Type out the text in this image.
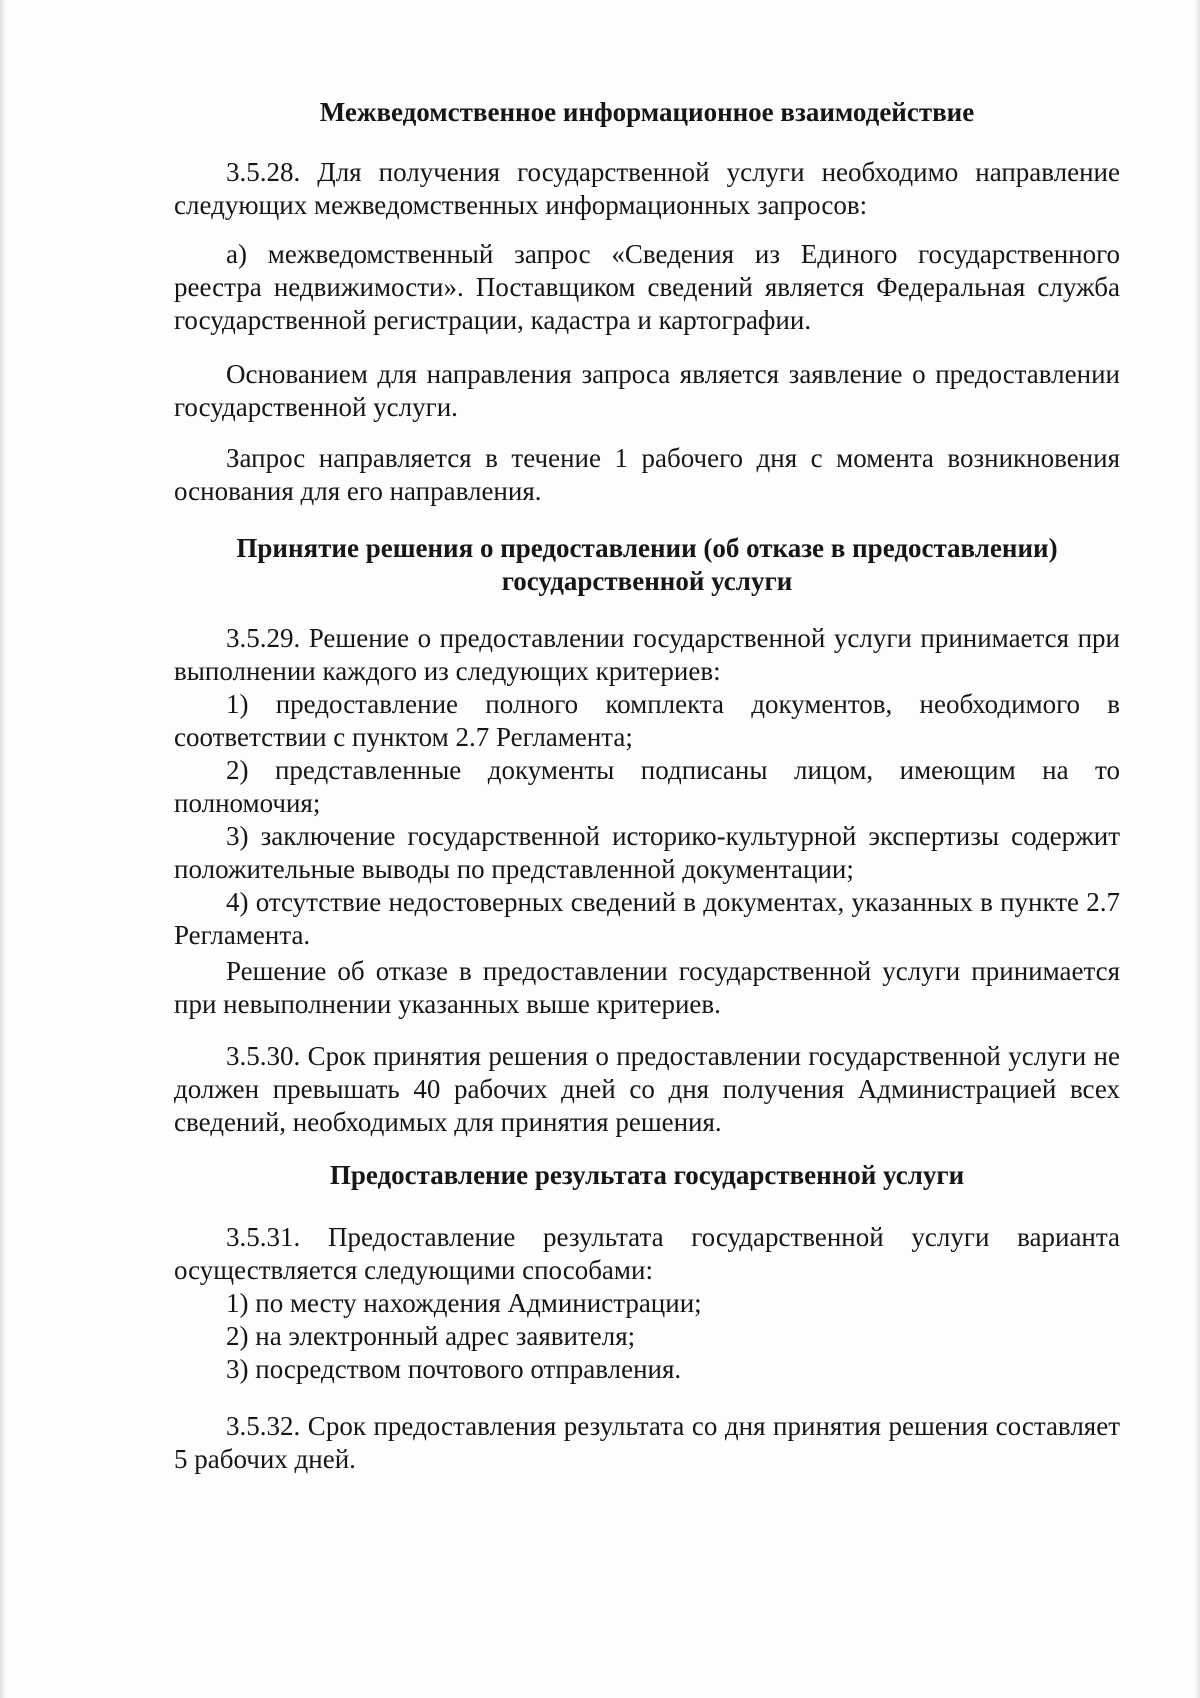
Межведомственное информационное взаимодействие

3.5.28. Для получения государственной услуги необходимо направление следующих межведомственных информационных запросов:

а) межведомственный запрос «Сведения из Единого государственного реестра недвижимости». Поставщиком сведений является Федеральная служба государственной регистрации, кадастра и картографии.

Основанием для направления запроса является заявление о предоставлении государственной услуги.

Запрос направляется в течение 1 рабочего дня с момента возникновения основания для его направления.

Принятие решения о предоставлении (об отказе в предоставлении)
государственной услуги

3.5.29. Решение о предоставлении государственной услуги принимается при выполнении каждого из следующих критериев:

1) предоставление полного комплекта документов, необходимого в соответствии с пунктом 2.7 Регламента;

2) представленные документы подписаны лицом, имеющим на то полномочия;

3) заключение государственной историко-культурной экспертизы содержит положительные выводы по представленной документации;

4) отсутствие недостоверных сведений в документах, указанных в пункте 2.7 Регламента.

Решение об отказе в предоставлении государственной услуги принимается при невыполнении указанных выше критериев.

3.5.30. Срок принятия решения о предоставлении государственной услуги не должен превышать 40 рабочих дней со дня получения Администрацией всех сведений, необходимых для принятия решения.

Предоставление результата государственной услуги

3.5.31. Предоставление результата государственной услуги варианта осуществляется следующими способами:

1) по месту нахождения Администрации;

2) на электронный адрес заявителя;

3) посредством почтового отправления.

3.5.32. Срок предоставления результата со дня принятия решения составляет 5 рабочих дней.
